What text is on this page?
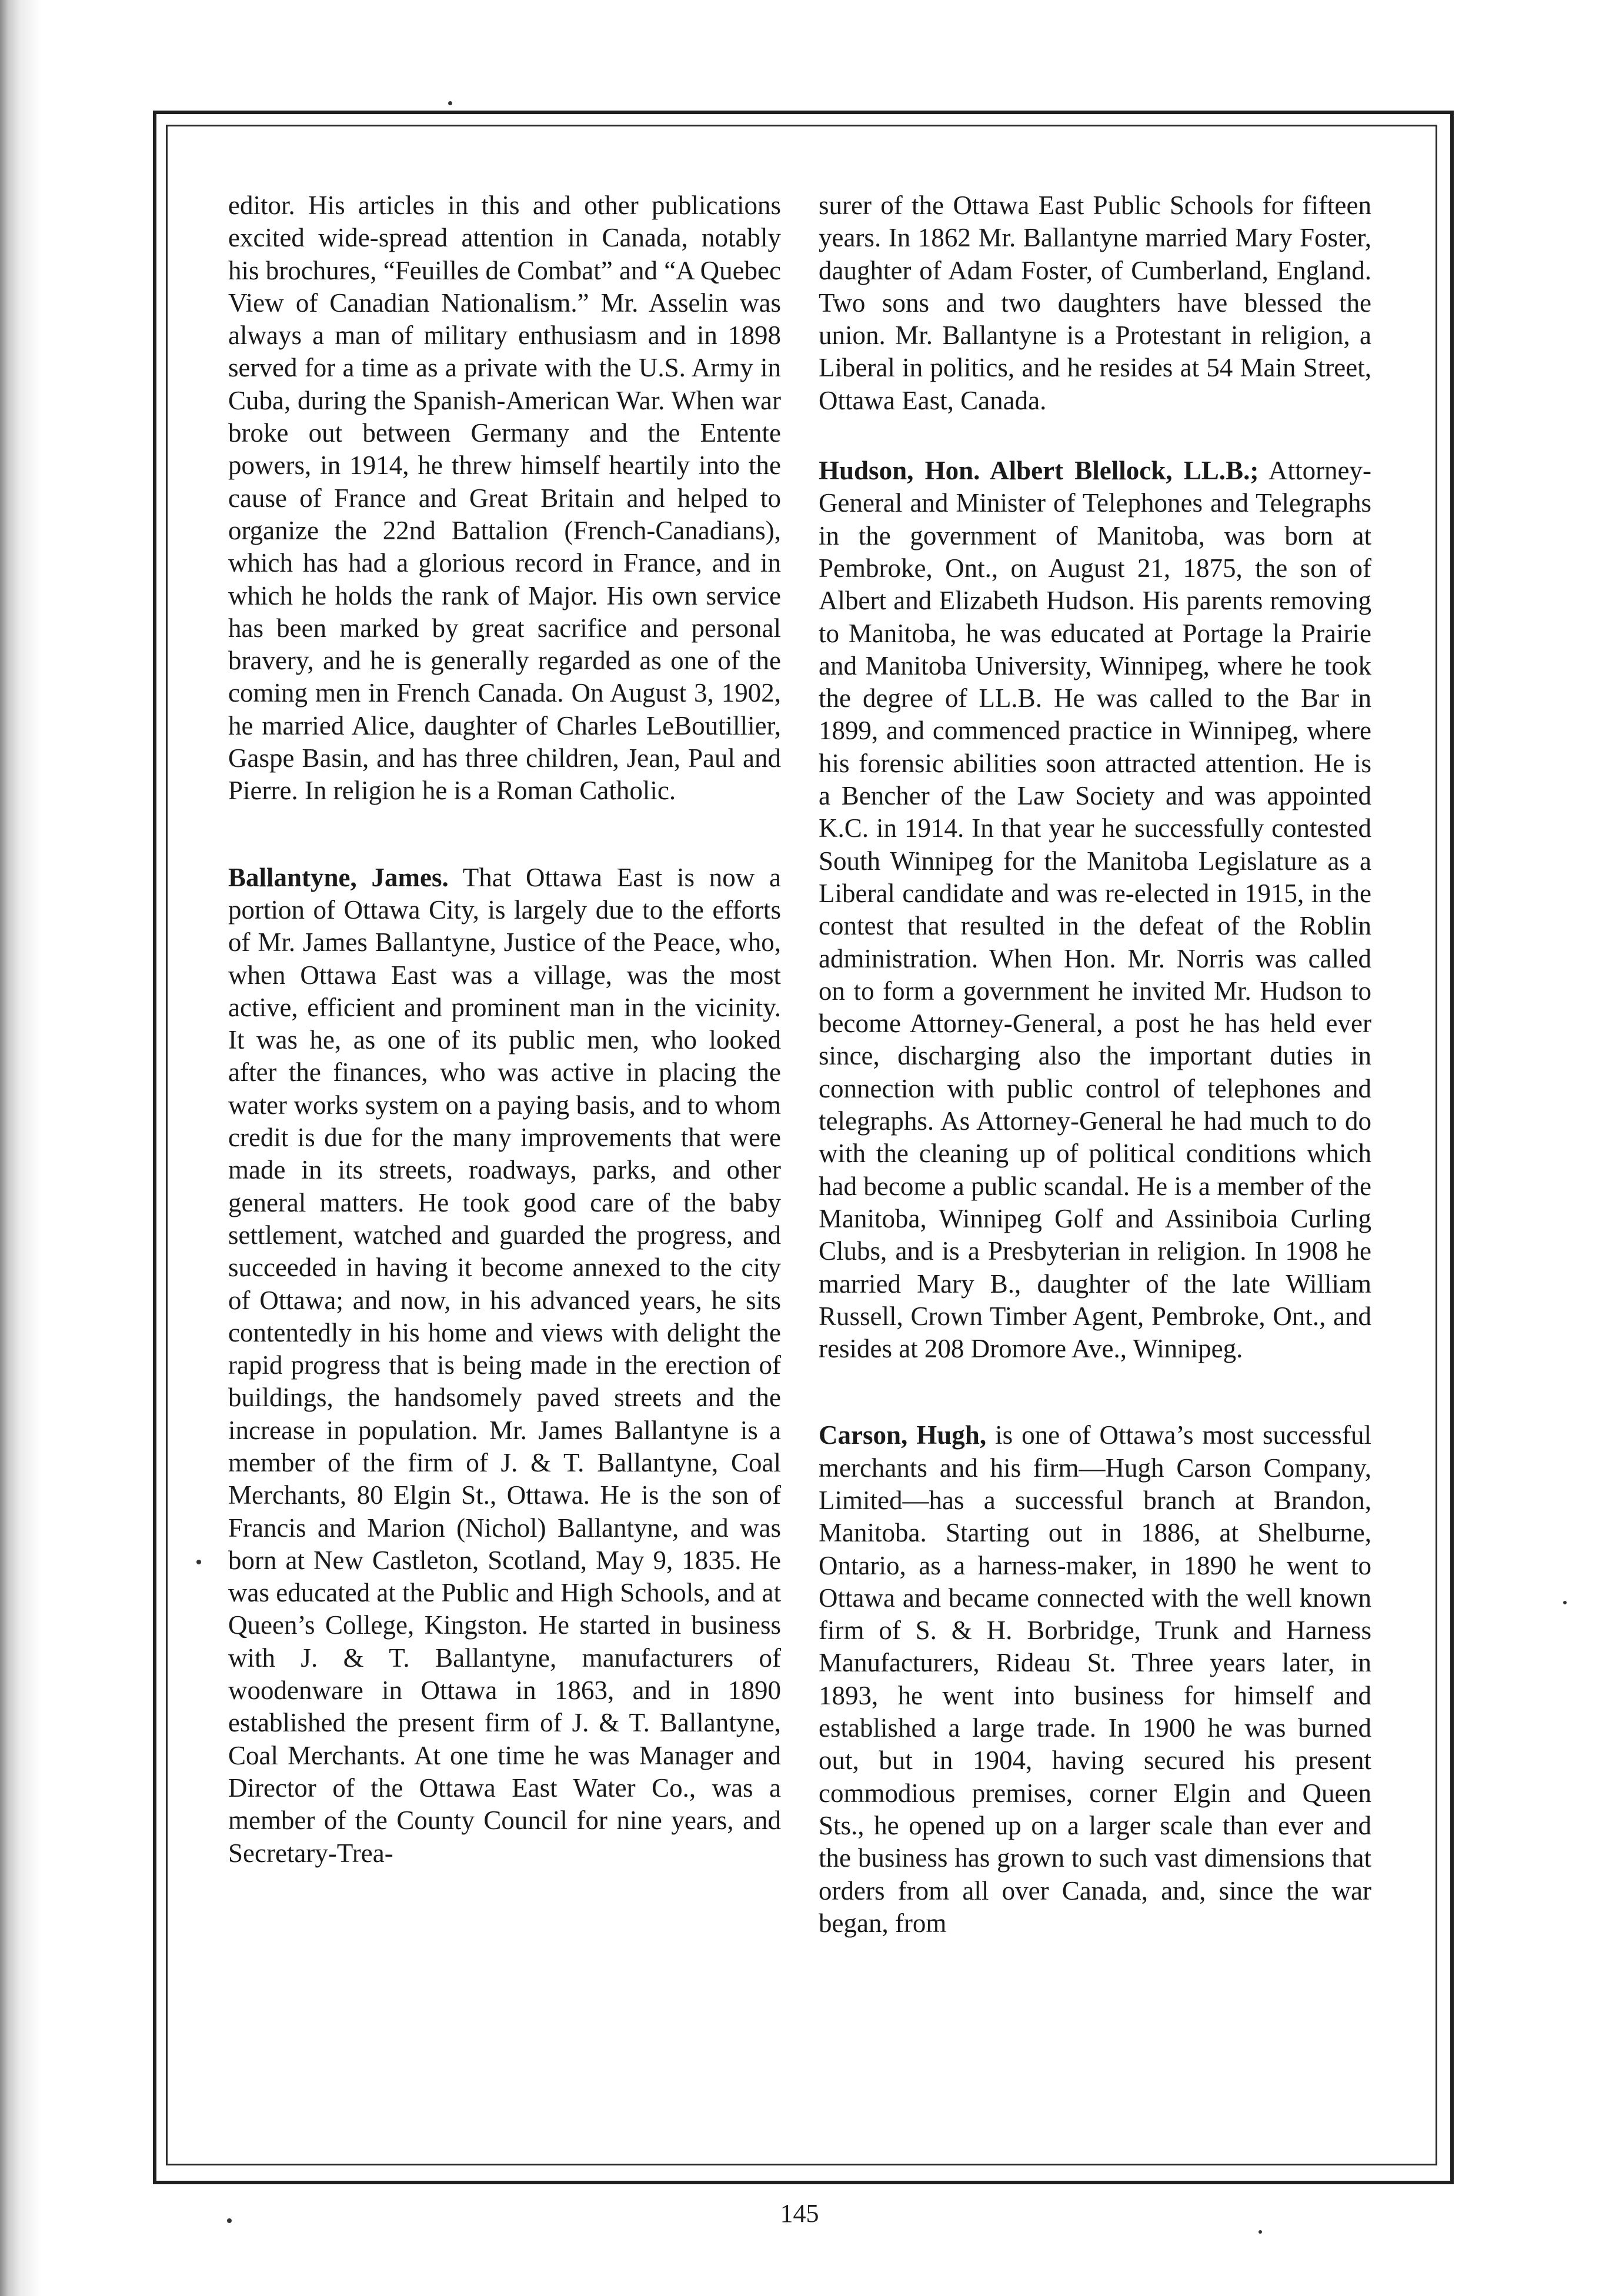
editor. His articles in this and other publications excited wide-spread attention in Canada, notably his brochures, “Feuilles de Combat” and “A Quebec View of Canadian Nationalism.” Mr. Asselin was always a man of military enthusiasm and in 1898 served for a time as a private with the U.S. Army in Cuba, during the Spanish-American War. When war broke out between Germany and the Entente powers, in 1914, he threw himself heartily into the cause of France and Great Britain and helped to organize the 22nd Battalion (French-Canadians), which has had a glorious record in France, and in which he holds the rank of Major. His own service has been marked by great sacrifice and personal bravery, and he is generally regarded as one of the coming men in French Canada. On August 3, 1902, he married Alice, daughter of Charles LeBoutillier, Gaspe Basin, and has three children, Jean, Paul and Pierre. In religion he is a Roman Catholic.

Ballantyne, James. That Ottawa East is now a portion of Ottawa City, is largely due to the efforts of Mr. James Ballantyne, Justice of the Peace, who, when Ottawa East was a village, was the most active, efficient and prominent man in the vicinity. It was he, as one of its public men, who looked after the finances, who was active in placing the water works system on a paying basis, and to whom credit is due for the many improvements that were made in its streets, roadways, parks, and other general matters. He took good care of the baby settlement, watched and guarded the progress, and succeeded in having it become annexed to the city of Ottawa; and now, in his advanced years, he sits contentedly in his home and views with delight the rapid progress that is being made in the erection of buildings, the handsomely paved streets and the increase in population. Mr. James Ballantyne is a member of the firm of J. & T. Ballantyne, Coal Merchants, 80 Elgin St., Ottawa. He is the son of Francis and Marion (Nichol) Ballantyne, and was born at New Castleton, Scotland, May 9, 1835. He was educated at the Public and High Schools, and at Queen’s College, Kingston. He started in business with J. & T. Ballantyne, manufacturers of woodenware in Ottawa in 1863, and in 1890 established the present firm of J. & T. Ballantyne, Coal Merchants. At one time he was Manager and Director of the Ottawa East Water Co., was a member of the County Council for nine years, and Secretary-Trea-

surer of the Ottawa East Public Schools for fifteen years. In 1862 Mr. Ballantyne married Mary Foster, daughter of Adam Foster, of Cumberland, England. Two sons and two daughters have blessed the union. Mr. Ballantyne is a Protestant in religion, a Liberal in politics, and he resides at 54 Main Street, Ottawa East, Canada.

Hudson, Hon. Albert Blellock, LL.B.; Attorney-General and Minister of Telephones and Telegraphs in the government of Manitoba, was born at Pembroke, Ont., on August 21, 1875, the son of Albert and Elizabeth Hudson. His parents removing to Manitoba, he was educated at Portage la Prairie and Manitoba University, Winnipeg, where he took the degree of LL.B. He was called to the Bar in 1899, and commenced practice in Winnipeg, where his forensic abilities soon attracted attention. He is a Bencher of the Law Society and was appointed K.C. in 1914. In that year he successfully contested South Winnipeg for the Manitoba Legislature as a Liberal candidate and was re-elected in 1915, in the contest that resulted in the defeat of the Roblin administration. When Hon. Mr. Norris was called on to form a government he invited Mr. Hudson to become Attorney-General, a post he has held ever since, discharging also the important duties in connection with public control of telephones and telegraphs. As Attorney-General he had much to do with the cleaning up of political conditions which had become a public scandal. He is a member of the Manitoba, Winnipeg Golf and Assiniboia Curling Clubs, and is a Presbyterian in religion. In 1908 he married Mary B., daughter of the late William Russell, Crown Timber Agent, Pembroke, Ont., and resides at 208 Dromore Ave., Winnipeg.

Carson, Hugh, is one of Ottawa’s most successful merchants and his firm—Hugh Carson Company, Limited—has a successful branch at Brandon, Manitoba. Starting out in 1886, at Shelburne, Ontario, as a harness-maker, in 1890 he went to Ottawa and became connected with the well known firm of S. & H. Borbridge, Trunk and Harness Manufacturers, Rideau St. Three years later, in 1893, he went into business for himself and established a large trade. In 1900 he was burned out, but in 1904, having secured his present commodious premises, corner Elgin and Queen Sts., he opened up on a larger scale than ever and the business has grown to such vast dimensions that orders from all over Canada, and, since the war began, from

145
